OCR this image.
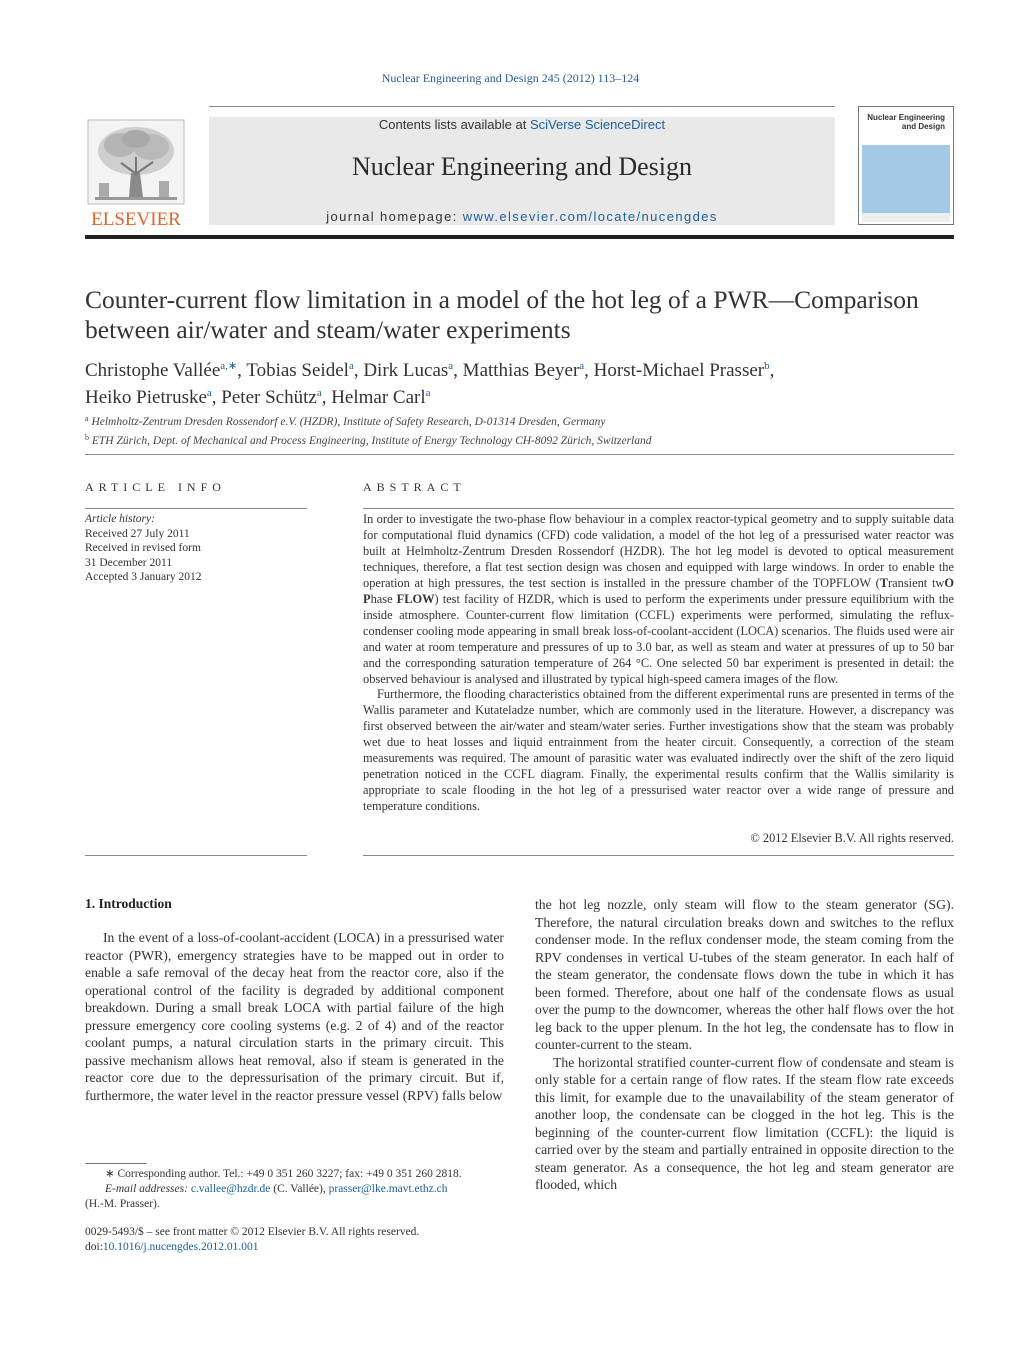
Nuclear Engineering and Design 245 (2012) 113–124
ELSEVIER
Contents lists available at SciVerse ScienceDirect
Nuclear Engineering and Design
journal homepage: www.elsevier.com/locate/nucengdes
Nuclear Engineering
and Design
Counter-current flow limitation in a model of the hot leg of a PWR—Comparison between air/water and steam/water experiments
Christophe Vallée$^{a,∗}$, Tobias Seidel$^a$, Dirk Lucas$^a$, Matthias Beyer$^a$, Horst-Michael Prasser$^b$,
Heiko Pietruske$^a$, Peter Schütz$^a$, Helmar Carl$^a$
$^a$ Helmholtz-Zentrum Dresden Rossendorf e.V. (HZDR), Institute of Safety Research, D-01314 Dresden, Germany
$^b$ ETH Zürich, Dept. of Mechanical and Process Engineering, Institute of Energy Technology CH-8092 Zürich, Switzerland
ARTICLE INFO	ABSTRACT
Article history:
Received 27 July 2011
Received in revised form
31 December 2011
Accepted 3 January 2012

In order to investigate the two-phase flow behaviour in a complex reactor-typical geometry and to supply suitable data for computational fluid dynamics (CFD) code validation, a model of the hot leg of a pressurised water reactor was built at Helmholtz-Zentrum Dresden Rossendorf (HZDR). The hot leg model is devoted to optical measurement techniques, therefore, a flat test section design was chosen and equipped with large windows. In order to enable the operation at high pressures, the test section is installed in the pressure chamber of the TOPFLOW (Transient twO Phase FLOW) test facility of HZDR, which is used to perform the experiments under pressure equilibrium with the inside atmosphere. Counter-current flow limitation (CCFL) experiments were performed, simulating the reflux-condenser cooling mode appearing in small break loss-of-coolant-accident (LOCA) scenarios. The fluids used were air and water at room temperature and pressures of up to 3.0 bar, as well as steam and water at pressures of up to 50 bar and the corresponding saturation temperature of 264 °C. One selected 50 bar experiment is presented in detail: the observed behaviour is analysed and illustrated by typical high-speed camera images of the flow.

Furthermore, the flooding characteristics obtained from the different experimental runs are presented in terms of the Wallis parameter and Kutateladze number, which are commonly used in the literature. However, a discrepancy was first observed between the air/water and steam/water series. Further investigations show that the steam was probably wet due to heat losses and liquid entrainment from the heater circuit. Consequently, a correction of the steam measurements was required. The amount of parasitic water was evaluated indirectly over the shift of the zero liquid penetration noticed in the CCFL diagram. Finally, the experimental results confirm that the Wallis similarity is appropriate to scale flooding in the hot leg of a pressurised water reactor over a wide range of pressure and temperature conditions.

© 2012 Elsevier B.V. All rights reserved.
1. Introduction

In the event of a loss-of-coolant-accident (LOCA) in a pressurised water reactor (PWR), emergency strategies have to be mapped out in order to enable a safe removal of the decay heat from the reactor core, also if the operational control of the facility is degraded by additional component breakdown. During a small break LOCA with partial failure of the high pressure emergency core cooling systems (e.g. 2 of 4) and of the reactor coolant pumps, a natural circulation starts in the primary circuit. This passive mechanism allows heat removal, also if steam is generated in the reactor core due to the depressurisation of the primary circuit. But if, furthermore, the water level in the reactor pressure vessel (RPV) falls below

the hot leg nozzle, only steam will flow to the steam generator (SG). Therefore, the natural circulation breaks down and switches to the reflux condenser mode. In the reflux condenser mode, the steam coming from the RPV condenses in vertical U-tubes of the steam generator. In each half of the steam generator, the condensate flows down the tube in which it has been formed. Therefore, about one half of the condensate flows as usual over the pump to the downcomer, whereas the other half flows over the hot leg back to the upper plenum. In the hot leg, the condensate has to flow in counter-current to the steam.

The horizontal stratified counter-current flow of condensate and steam is only stable for a certain range of flow rates. If the steam flow rate exceeds this limit, for example due to the unavailability of the steam generator of another loop, the condensate can be clogged in the hot leg. This is the beginning of the counter-current flow limitation (CCFL): the liquid is carried over by the steam and partially entrained in opposite direction to the steam generator. As a consequence, the hot leg and steam generator are flooded, which

∗ Corresponding author. Tel.: +49 0 351 260 3227; fax: +49 0 351 260 2818.
E-mail addresses: c.vallee@hzdr.de (C. Vallée), prasser@lke.mavt.ethz.ch
(H.-M. Prasser).
0029-5493/$ – see front matter © 2012 Elsevier B.V. All rights reserved.
doi:10.1016/j.nucengdes.2012.01.001
